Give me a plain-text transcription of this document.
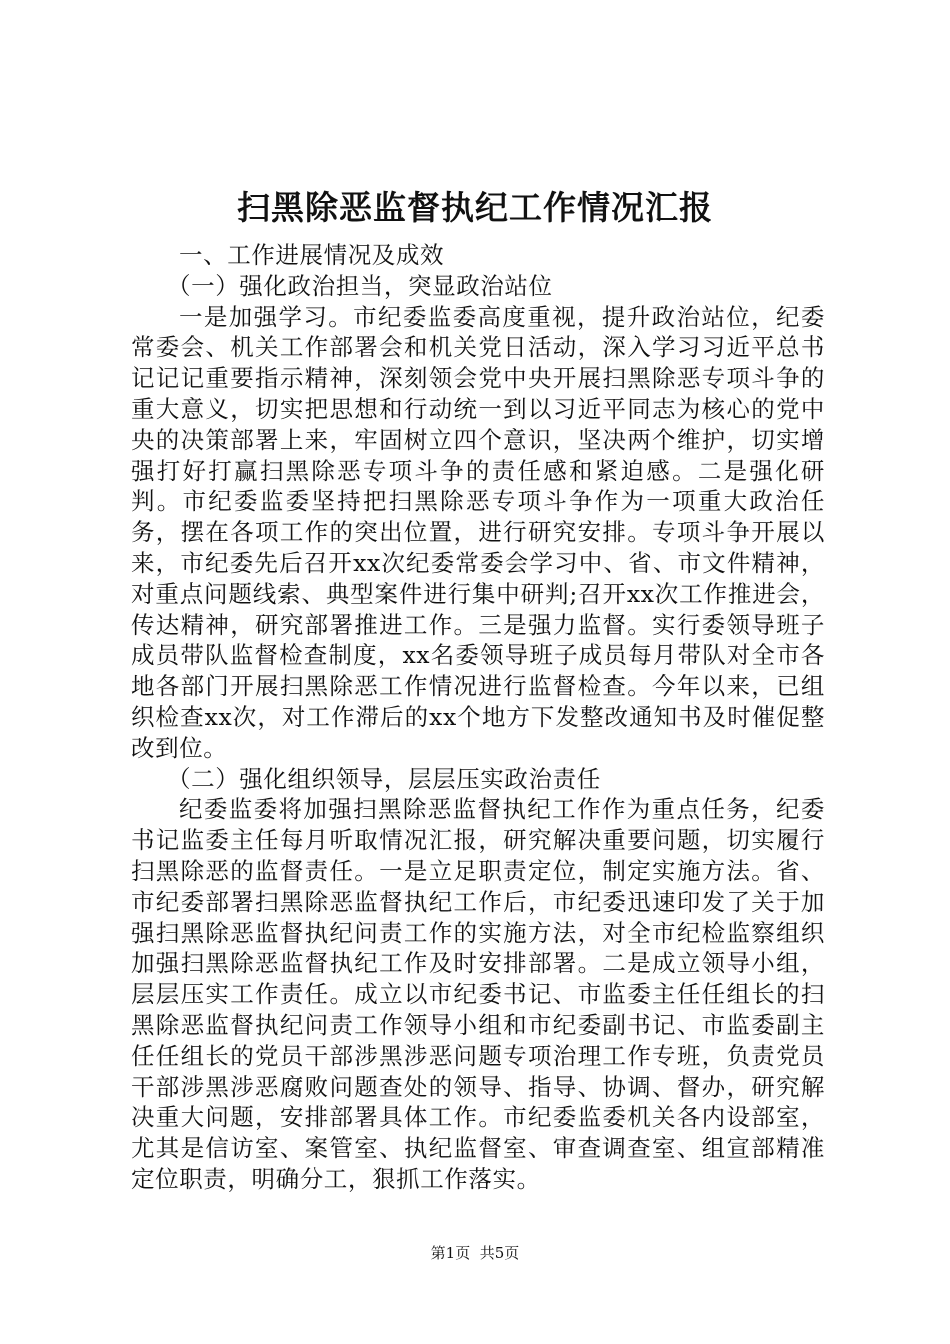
扫黑除恶监督执纪工作情况汇报

一、工作进展情况及成效

（一）强化政治担当，突显政治站位

一是加强学习。市纪委监委高度重视，提升政治站位，纪委常委会、机关工作部署会和机关党日活动，深入学习习近平总书记记记重要指示精神，深刻领会党中央开展扫黑除恶专项斗争的重大意义，切实把思想和行动统一到以习近平同志为核心的党中央的决策部署上来，牢固树立四个意识，坚决两个维护，切实增强打好打赢扫黑除恶专项斗争的责任感和紧迫感。二是强化研判。市纪委监委坚持把扫黑除恶专项斗争作为一项重大政治任务，摆在各项工作的突出位置，进行研究安排。专项斗争开展以来，市纪委先后召开xx次纪委常委会学习中、省、市文件精神，对重点问题线索、典型案件进行集中研判;召开xx次工作推进会，传达精神，研究部署推进工作。三是强力监督。实行委领导班子成员带队监督检查制度，xx名委领导班子成员每月带队对全市各地各部门开展扫黑除恶工作情况进行监督检查。今年以来，已组织检查xx次，对工作滞后的xx个地方下发整改通知书及时催促整改到位。

（二）强化组织领导，层层压实政治责任

纪委监委将加强扫黑除恶监督执纪工作作为重点任务，纪委书记监委主任每月听取情况汇报，研究解决重要问题，切实履行扫黑除恶的监督责任。一是立足职责定位，制定实施方法。省、市纪委部署扫黑除恶监督执纪工作后，市纪委迅速印发了关于加强扫黑除恶监督执纪问责工作的实施方法，对全市纪检监察组织加强扫黑除恶监督执纪工作及时安排部署。二是成立领导小组，层层压实工作责任。成立以市纪委书记、市监委主任任组长的扫黑除恶监督执纪问责工作领导小组和市纪委副书记、市监委副主任任组长的党员干部涉黑涉恶问题专项治理工作专班，负责党员干部涉黑涉恶腐败问题查处的领导、指导、协调、督办，研究解决重大问题，安排部署具体工作。市纪委监委机关各内设部室，尤其是信访室、案管室、执纪监督室、审查调查室、组宣部精准定位职责，明确分工，狠抓工作落实。

第1页 共5页
